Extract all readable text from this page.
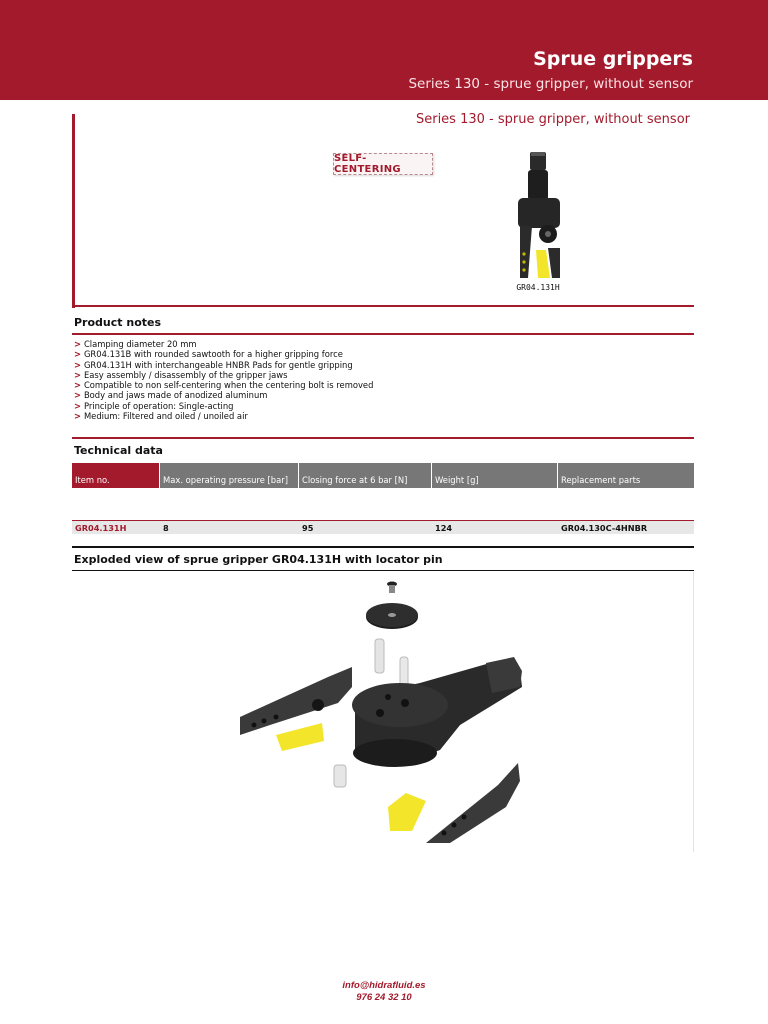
Sprue grippers
Series 130 - sprue gripper, without sensor
Series 130 - sprue gripper, without sensor
SELF-CENTERING
GR04.131H
Product notes
> Clamping diameter 20 mm
> GR04.131B with rounded sawtooth for a higher gripping force
> GR04.131H with interchangeable HNBR Pads for gentle gripping
> Easy assembly / disassembly of the gripper jaws
> Compatible to non self-centering when the centering bolt is removed
> Body and jaws made of anodized aluminum
> Principle of operation: Single-acting
> Medium: Filtered and oiled / unoiled air
Technical data
Item no.	Max. operating pressure [bar]	Closing force at 6 bar [N]	Weight [g]	Replacement parts
GR04.131H	8	95	124	GR04.130C-4HNBR
Exploded view of sprue gripper GR04.131H with locator pin
info@hidrafluid.es
976 24 32 10
